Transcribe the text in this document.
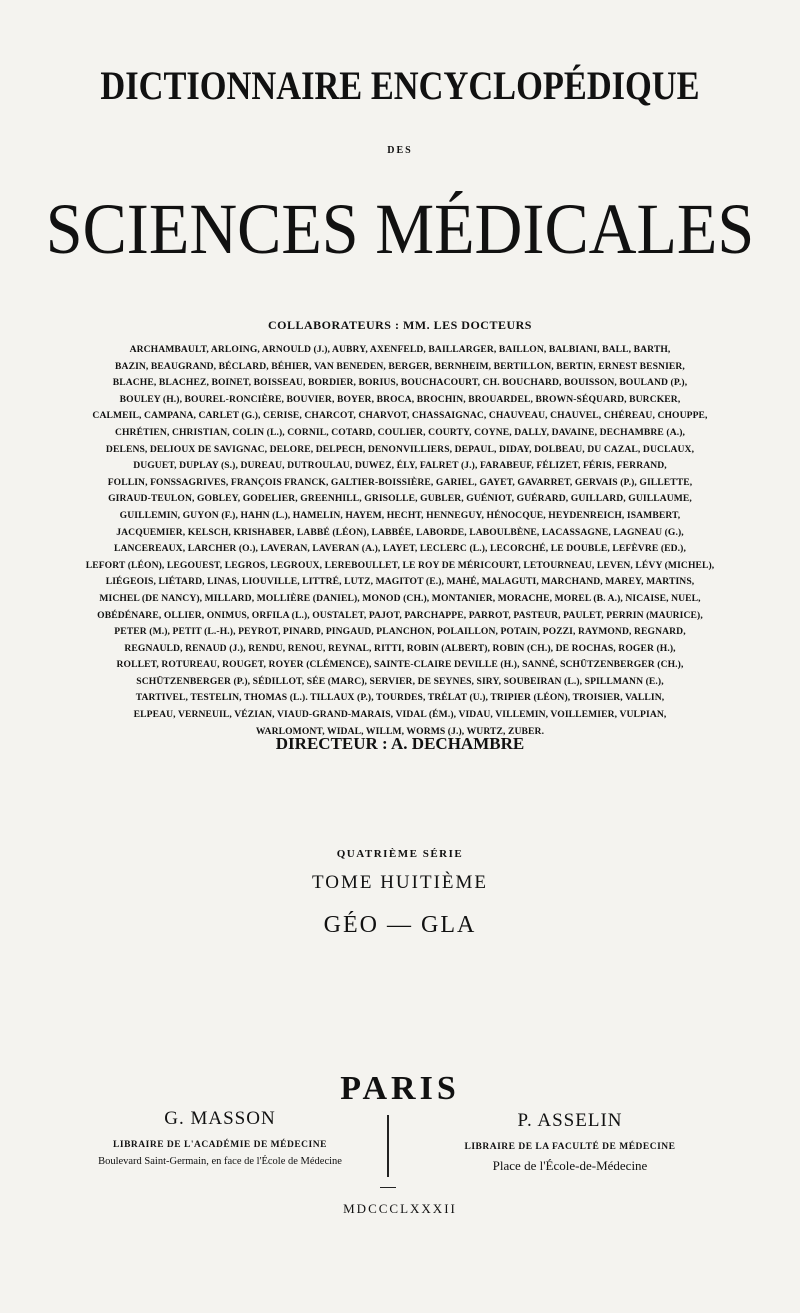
DICTIONNAIRE ENCYCLOPÉDIQUE
DES
SCIENCES MÉDICALES
COLLABORATEURS : MM. LES DOCTEURS
ARCHAMBAULT, ARLOING, ARNOULD (J.), AUBRY, AXENFELD, BAILLARGER, BAILLON, BALBIANI, BALL, BARTH,
BAZIN, BEAUGRAND, BÉCLARD, BÉHIER, VAN BENEDEN, BERGER, BERNHEIM, BERTILLON, BERTIN, ERNEST BESNIER,
BLACHE, BLACHEZ, BOINET, BOISSEAU, BORDIER, BORIUS, BOUCHACOURT, CH. BOUCHARD, BOUISSON, BOULAND (P.),
BOULEY (H.), BOUREL-RONCIÈRE, BOUVIER, BOYER, BROCA, BROCHIN, BROUARDEL, BROWN-SÉQUARD, BURCKER,
CALMEIL, CAMPANA, CARLET (G.), CERISE, CHARCOT, CHARVOT, CHASSAIGNAC, CHAUVEAU, CHAUVEL, CHÉREAU, CHOUPPE,
CHRÉTIEN, CHRISTIAN, COLIN (L.), CORNIL, COTARD, COULIER, COURTY, COYNE, DALLY, DAVAINE, DECHAMBRE (A.),
DELENS, DELIOUX DE SAVIGNAC, DELORE, DELPECH, DENONVILLIERS, DEPAUL, DIDAY, DOLBEAU, DU CAZAL, DUCLAUX,
DUGUET, DUPLAY (S.), DUREAU, DUTROULAU, DUWEZ, ÉLY, FALRET (J.), FARABEUF, FÉLIZET, FÉRIS, FERRAND,
FOLLIN, FONSSAGRIVES, FRANÇOIS FRANCK, GALTIER-BOISSIÈRE, GARIEL, GAYET, GAVARRET, GERVAIS (P.), GILLETTE,
GIRAUD-TEULON, GOBLEY, GODELIER, GREENHILL, GRISOLLE, GUBLER, GUÉNIOT, GUÉRARD, GUILLARD, GUILLAUME,
GUILLEMIN, GUYON (F.), HAHN (L.), HAMELIN, HAYEM, HECHT, HENNEGUY, HÉNOCQUE, HEYDENREICH, ISAMBERT,
JACQUEMIER, KELSCH, KRISHABER, LABBÉ (LÉON), LABBÉE, LABORDE, LABOULBÈNE, LACASSAGNE, LAGNEAU (G.),
LANCEREAUX, LARCHER (O.), LAVERAN, LAVERAN (A.), LAYET, LECLERC (L.), LECORCHÉ, LE DOUBLE, LEFÈVRE (ED.),
LEFORT (LÉON), LEGOUEST, LEGROS, LEGROUX, LEREBOULLET, LE ROY DE MÉRICOURT, LETOURNEAU, LEVEN, LÉVY (MICHEL),
LIÉGEOIS, LIÉTARD, LINAS, LIOUVILLE, LITTRÉ, LUTZ, MAGITOT (E.), MAHÉ, MALAGUTI, MARCHAND, MAREY, MARTINS,
MICHEL (DE NANCY), MILLARD, MOLLIÈRE (DANIEL), MONOD (CH.), MONTANIER, MORACHE, MOREL (B. A.), NICAISE, NUEL,
OBÉDÉNARE, OLLIER, ONIMUS, ORFILA (L.), OUSTALET, PAJOT, PARCHAPPE, PARROT, PASTEUR, PAULET, PERRIN (MAURICE),
PETER (M.), PETIT (L.-H.), PEYROT, PINARD, PINGAUD, PLANCHON, POLAILLON, POTAIN, POZZI, RAYMOND, REGNARD,
REGNAULD, RENAUD (J.), RENDU, RENOU, REYNAL, RITTI, ROBIN (ALBERT), ROBIN (CH.), DE ROCHAS, ROGER (H.),
ROLLET, ROTUREAU, ROUGET, ROYER (CLÉMENCE), SAINTE-CLAIRE DEVILLE (H.), SANNÉ, SCHÜTZENBERGER (CH.),
SCHÜTZENBERGER (P.), SÉDILLOT, SÉE (MARC), SERVIER, DE SEYNES, SIRY, SOUBEIRAN (L.), SPILLMANN (E.),
TARTIVEL, TESTELIN, THOMAS (L.). TILLAUX (P.), TOURDES, TRÉLAT (U.), TRIPIER (LÉON), TROISIER, VALLIN,
ELPEAU, VERNEUIL, VÉZIAN, VIAUD-GRAND-MARAIS, VIDAL (ÉM.), VIDAU, VILLEMIN, VOILLEMIER, VULPIAN,
WARLOMONT, WIDAL, WILLM, WORMS (J.), WURTZ, ZUBER.
DIRECTEUR : A. DECHAMBRE
QUATRIÈME SÉRIE
TOME HUITIÈME
GÉO — GLA
PARIS
G. MASSON
LIBRAIRE DE L'ACADÉMIE DE MÉDECINE
Boulevard Saint-Germain, en face de l'École de Médecine
P. ASSELIN
LIBRAIRE DE LA FACULTÉ DE MÉDECINE
Place de l'École-de-Médecine
MDCCCLXXXII
